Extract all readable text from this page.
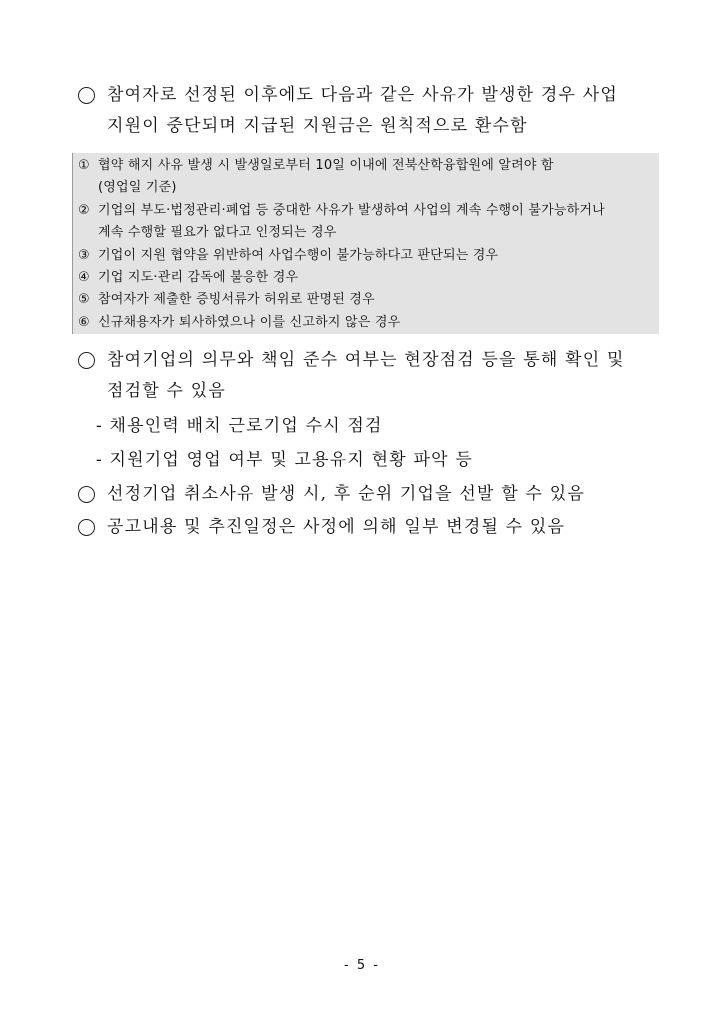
참여자로 선정된 이후에도 다음과 같은 사유가 발생한 경우 사업
지원이 중단되며 지급된 지원금은 원칙적으로 환수함
① 협약 해지 사유 발생 시 발생일로부터 10일 이내에 전북산학융합원에 알려야 함
(영업일 기준)
② 기업의 부도·법정관리·폐업 등 중대한 사유가 발생하여 사업의 계속 수행이 불가능하거나
계속 수행할 필요가 없다고 인정되는 경우
③ 기업이 지원 협약을 위반하여 사업수행이 불가능하다고 판단되는 경우
④ 기업 지도·관리 감독에 불응한 경우
⑤ 참여자가 제출한 증빙서류가 허위로 판명된 경우
⑥ 신규채용자가 퇴사하였으나 이를 신고하지 않은 경우
참여기업의 의무와 책임 준수 여부는 현장점검 등을 통해 확인 및
점검할 수 있음
- 채용인력 배치 근로기업 수시 점검
- 지원기업 영업 여부 및 고용유지 현황 파악 등
선정기업 취소사유 발생 시, 후 순위 기업을 선발 할 수 있음
공고내용 및 추진일정은 사정에 의해 일부 변경될 수 있음
- 5 -
